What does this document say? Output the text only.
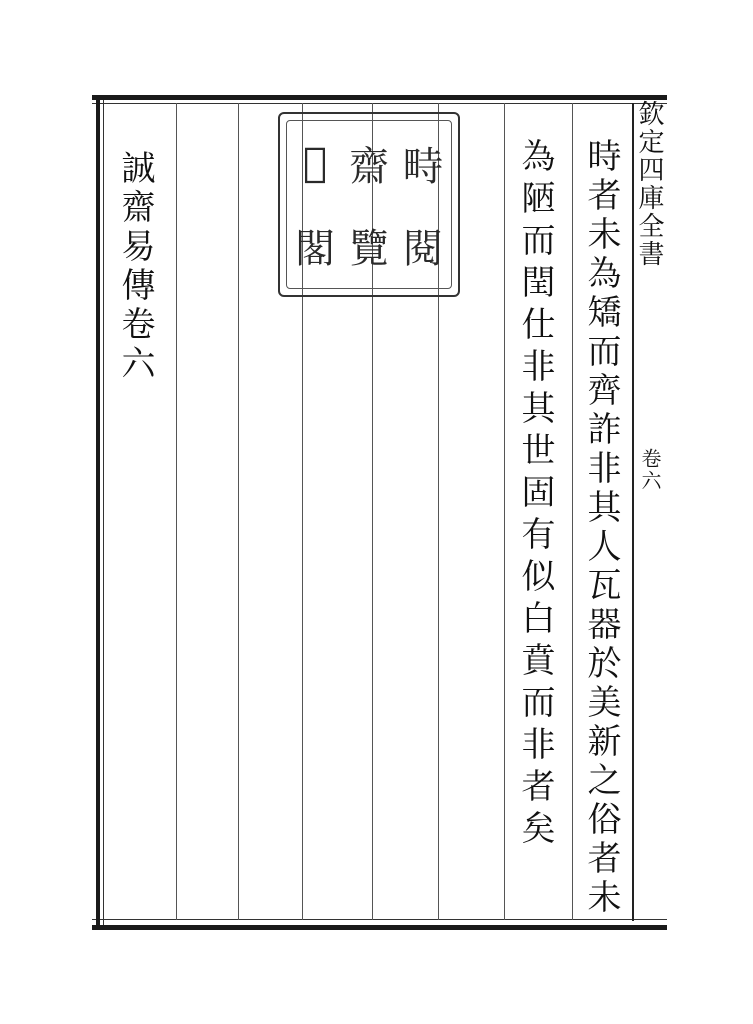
欽定四庫全書
卷六
𡦹 齋 畤
閣 覽 閱	時者未為矯而齊詐非其人瓦器於美新之俗者未
為陋而閏仕非其世固有似白賁而非者矣
誠齋易傳卷六
